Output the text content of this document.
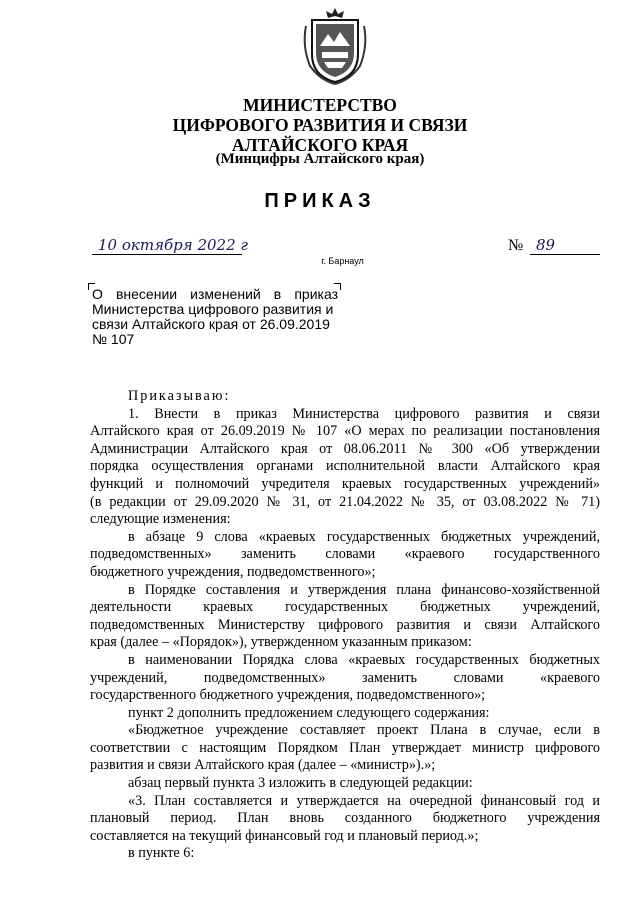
МИНИСТЕРСТВО
ЦИФРОВОГО РАЗВИТИЯ И СВЯЗИ
АЛТАЙСКОГО КРАЯ
(Минцифры Алтайского края)
ПРИКАЗ
10 октября 2022 г	№ 89
г. Барнаул
О внесении изменений в приказ
Министерства цифрового развития и
связи Алтайского края от 26.09.2019
№ 107
Приказываю:
1. Внести в приказ Министерства цифрового развития и связи
Алтайского края от 26.09.2019 № 107 «О мерах по реализации постановления
Администрации Алтайского края от 08.06.2011 № 300 «Об утверждении
порядка осуществления органами исполнительной власти Алтайского края
функций и полномочий учредителя краевых государственных учреждений»
(в редакции от 29.09.2020 № 31, от 21.04.2022 № 35, от 03.08.2022 № 71)
следующие изменения:
в абзаце 9 слова «краевых государственных бюджетных учреждений,
подведомственных» заменить словами «краевого государственного
бюджетного учреждения, подведомственного»;
в Порядке составления и утверждения плана финансово-хозяйственной
деятельности краевых государственных бюджетных учреждений,
подведомственных Министерству цифрового развития и связи Алтайского
края (далее – «Порядок»), утвержденном указанным приказом:
в наименовании Порядка слова «краевых государственных бюджетных
учреждений, подведомственных» заменить словами «краевого
государственного бюджетного учреждения, подведомственного»;
пункт 2 дополнить предложением следующего содержания:
«Бюджетное учреждение составляет проект Плана в случае, если в
соответствии с настоящим Порядком План утверждает министр цифрового
развития и связи Алтайского края (далее – «министр»).»;
абзац первый пункта 3 изложить в следующей редакции:
«3. План составляется и утверждается на очередной финансовый год и
плановый период. План вновь созданного бюджетного учреждения
составляется на текущий финансовый год и плановый период.»;
в пункте 6:
